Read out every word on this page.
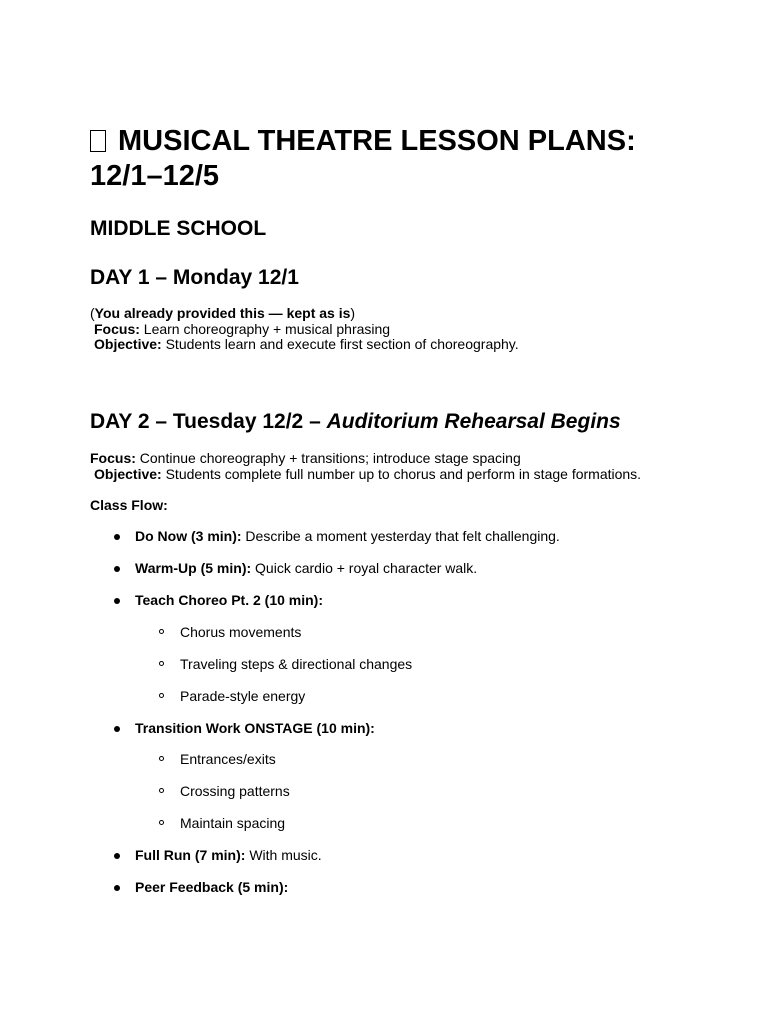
MUSICAL THEATRE LESSON PLANS:
12/1–12/5
MIDDLE SCHOOL
DAY 1 – Monday 12/1

(You already provided this — kept as is)

Focus: Learn choreography + musical phrasing

Objective: Students learn and execute first section of choreography.

DAY 2 – Tuesday 12/2 – Auditorium Rehearsal Begins

Focus: Continue choreography + transitions; introduce stage spacing

Objective: Students complete full number up to chorus and perform in stage formations.

Class Flow:

Do Now (3 min): Describe a moment yesterday that felt challenging.
Warm-Up (5 min): Quick cardio + royal character walk.
Teach Choreo Pt. 2 (10 min):
Chorus movements
Traveling steps & directional changes
Parade-style energy
Transition Work ONSTAGE (10 min):
Entrances/exits
Crossing patterns
Maintain spacing
Full Run (7 min): With music.
Peer Feedback (5 min):
